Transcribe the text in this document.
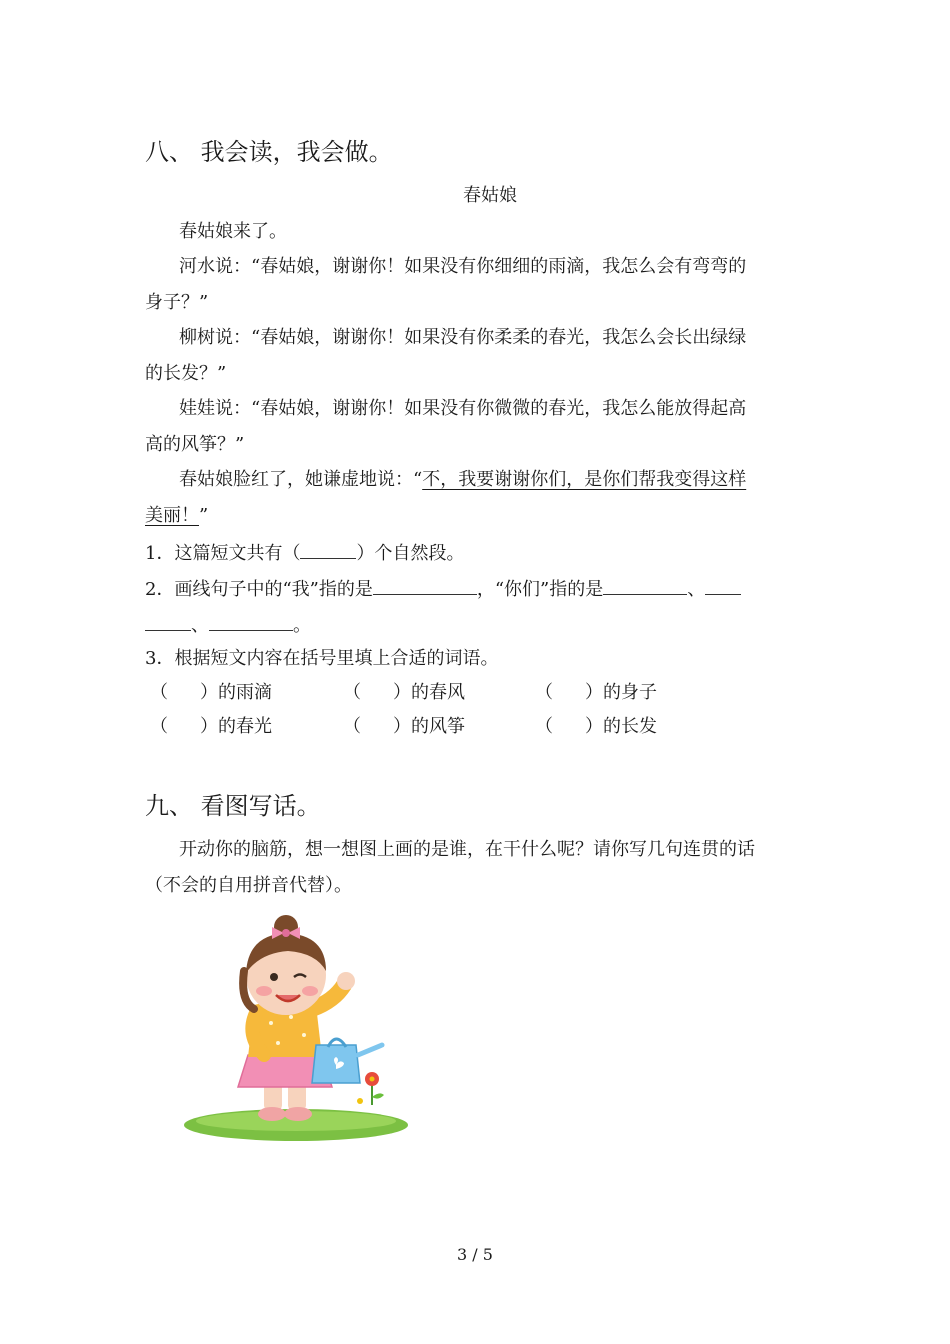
八、 我会读，我会做。
春姑娘
春姑娘来了。
河水说：“春姑娘，谢谢你！如果没有你细细的雨滴，我怎么会有弯弯的
身子？”
柳树说：“春姑娘，谢谢你！如果没有你柔柔的春光，我怎么会长出绿绿
的长发？”
娃娃说：“春姑娘，谢谢你！如果没有你微微的春光，我怎么能放得起高
高的风筝？”
春姑娘脸红了，她谦虚地说：“不，我要谢谢你们，是你们帮我变得这样
美丽！”
1．这篇短文共有（	）个自然段。
2．画线句子中的“我”指的是	，“你们”指的是	、
、	。
3．根据短文内容在括号里填上合适的词语。
（ ）的雨滴	（ ）的春风	（ ）的身子
（ ）的春光	（ ）的风筝	（ ）的长发
九、 看图写话。
开动你的脑筋，想一想图上画的是谁，在干什么呢？请你写几句连贯的话
（不会的自用拼音代替）。
3 / 5
